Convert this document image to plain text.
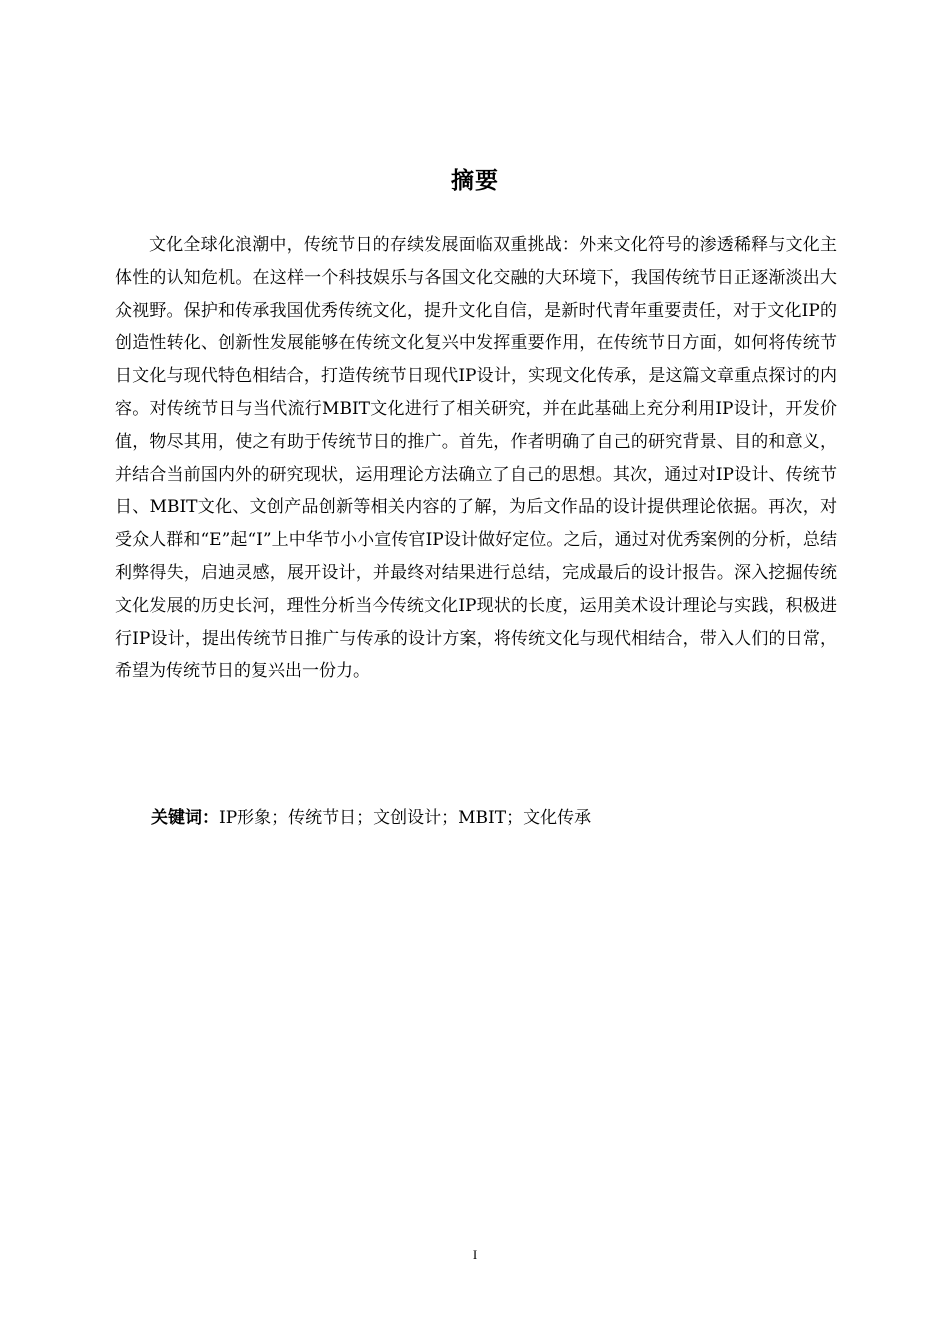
摘要

文化全球化浪潮中，传统节日的存续发展面临双重挑战：外来文化符号的渗透稀释与文化主体性的认知危机。在这样一个科技娱乐与各国文化交融的大环境下，我国传统节日正逐渐淡出大众视野。保护和传承我国优秀传统文化，提升文化自信，是新时代青年重要责任，对于文化IP的创造性转化、创新性发展能够在传统文化复兴中发挥重要作用，在传统节日方面，如何将传统节日文化与现代特色相结合，打造传统节日现代IP设计，实现文化传承，是这篇文章重点探讨的内容。对传统节日与当代流行MBIT文化进行了相关研究，并在此基础上充分利用IP设计，开发价值，物尽其用，使之有助于传统节日的推广。首先，作者明确了自己的研究背景、目的和意义，并结合当前国内外的研究现状，运用理论方法确立了自己的思想。其次，通过对IP设计、传统节日、MBIT文化、文创产品创新等相关内容的了解，为后文作品的设计提供理论依据。再次，对受众人群和“E”起“I”上中华节小小宣传官IP设计做好定位。之后，通过对优秀案例的分析，总结利弊得失，启迪灵感，展开设计，并最终对结果进行总结，完成最后的设计报告。深入挖掘传统文化发展的历史长河，理性分析当今传统文化IP现状的长度，运用美术设计理论与实践，积极进行IP设计，提出传统节日推广与传承的设计方案，将传统文化与现代相结合，带入人们的日常，希望为传统节日的复兴出一份力。

关键词：IP形象；传统节日；文创设计；MBIT；文化传承
I
